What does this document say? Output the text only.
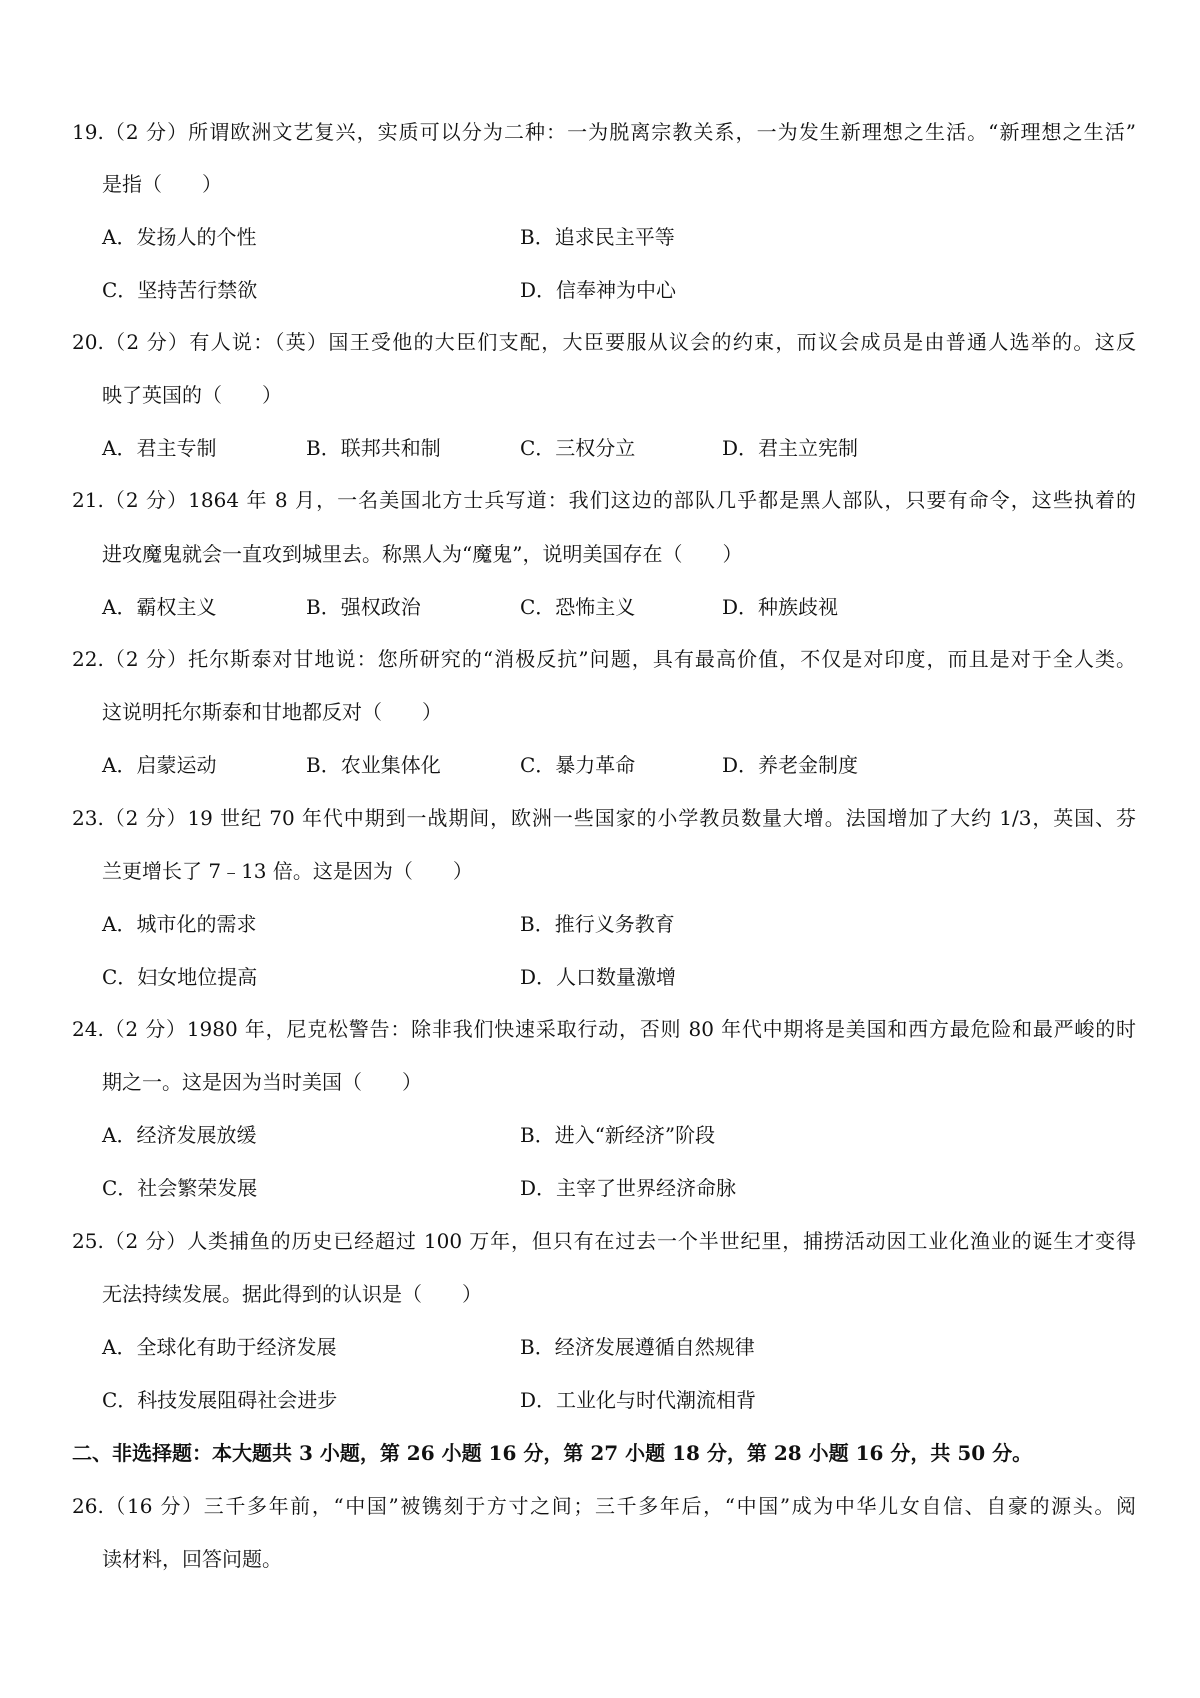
19.（2 分）所谓欧洲文艺复兴，实质可以分为二种：一为脱离宗教关系，一为发生新理想之生活。“新理想之生活”
是指（　　）
A．发扬人的个性	B．追求民主平等
C．坚持苦行禁欲	D．信奉神为中心
20.（2 分）有人说：（英）国王受他的大臣们支配，大臣要服从议会的约束，而议会成员是由普通人选举的。这反
映了英国的（　　）
A．君主专制	B．联邦共和制	C．三权分立	D．君主立宪制
21.（2 分）1864 年 8 月，一名美国北方士兵写道：我们这边的部队几乎都是黑人部队，只要有命令，这些执着的
进攻魔鬼就会一直攻到城里去。称黑人为“魔鬼”，说明美国存在（　　）
A．霸权主义	B．强权政治	C．恐怖主义	D．种族歧视
22.（2 分）托尔斯泰对甘地说：您所研究的“消极反抗”问题，具有最高价值，不仅是对印度，而且是对于全人类。
这说明托尔斯泰和甘地都反对（　　）
A．启蒙运动	B．农业集体化	C．暴力革命	D．养老金制度
23.（2 分）19 世纪 70 年代中期到一战期间，欧洲一些国家的小学教员数量大增。法国增加了大约 1/3，英国、芬
兰更增长了 7﹣13 倍。这是因为（　　）
A．城市化的需求	B．推行义务教育
C．妇女地位提高	D．人口数量激增
24.（2 分）1980 年，尼克松警告：除非我们快速采取行动，否则 80 年代中期将是美国和西方最危险和最严峻的时
期之一。这是因为当时美国（　　）
A．经济发展放缓	B．进入“新经济”阶段
C．社会繁荣发展	D．主宰了世界经济命脉
25.（2 分）人类捕鱼的历史已经超过 100 万年，但只有在过去一个半世纪里，捕捞活动因工业化渔业的诞生才变得
无法持续发展。据此得到的认识是（　　）
A．全球化有助于经济发展	B．经济发展遵循自然规律
C．科技发展阻碍社会进步	D．工业化与时代潮流相背
二、非选择题：本大题共 3 小题，第 26 小题 16 分，第 27 小题 18 分，第 28 小题 16 分，共 50 分。
26.（16 分）三千多年前，“中国”被镌刻于方寸之间；三千多年后，“中国”成为中华儿女自信、自豪的源头。阅
读材料，回答问题。
